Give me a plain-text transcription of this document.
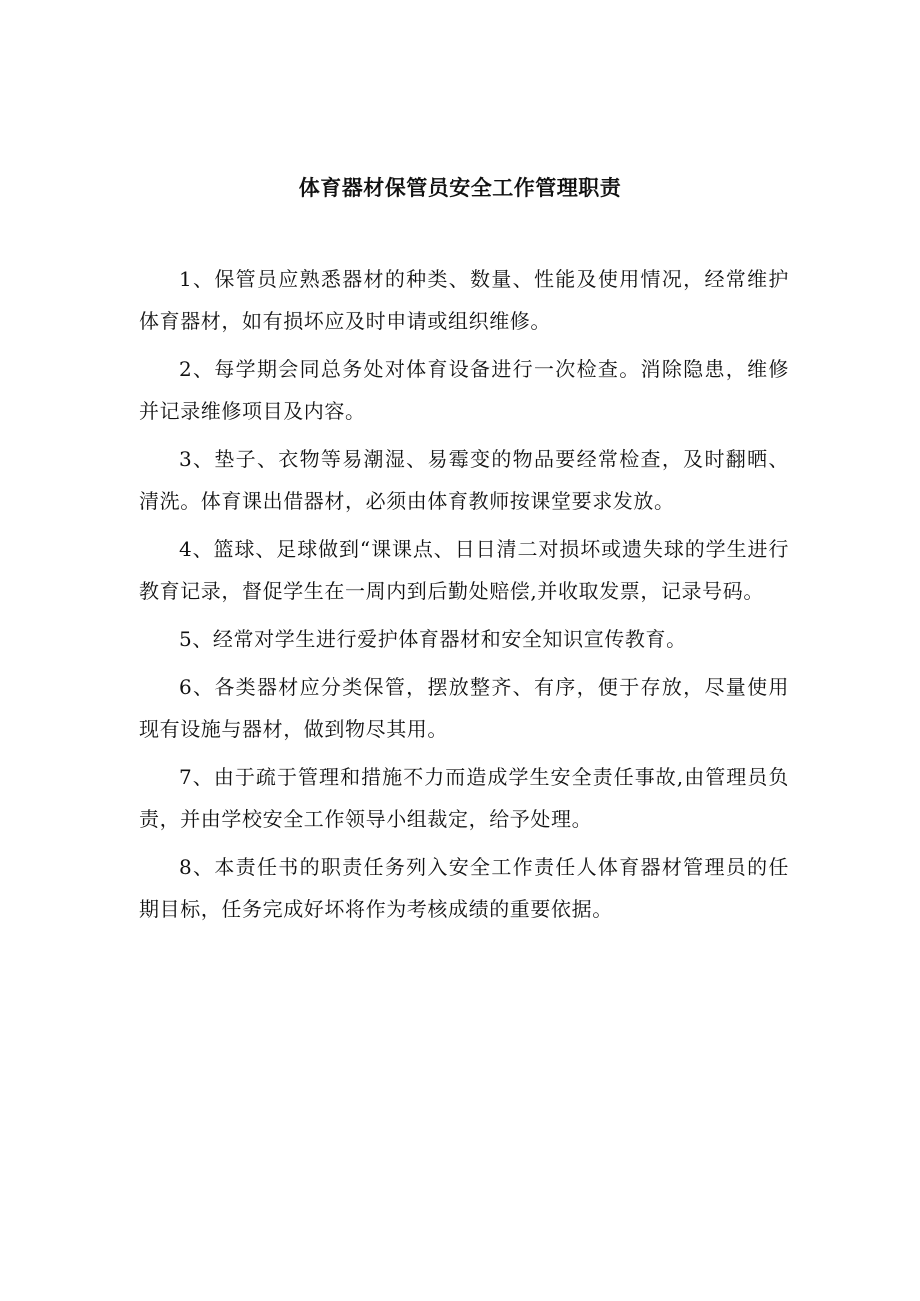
体育器材保管员安全工作管理职责

1、保管员应熟悉器材的种类、数量、性能及使用情况，经常维护体育器材，如有损坏应及时申请或组织维修。

2、每学期会同总务处对体育设备进行一次检查。消除隐患，维修并记录维修项目及内容。

3、垫子、衣物等易潮湿、易霉变的物品要经常检查，及时翻晒、清洗。体育课出借器材，必须由体育教师按课堂要求发放。

4、篮球、足球做到“课课点、日日清二对损坏或遗失球的学生进行教育记录，督促学生在一周内到后勤处赔偿,并收取发票，记录号码。

5、经常对学生进行爱护体育器材和安全知识宣传教育。

6、各类器材应分类保管，摆放整齐、有序，便于存放，尽量使用现有设施与器材，做到物尽其用。

7、由于疏于管理和措施不力而造成学生安全责任事故,由管理员负责，并由学校安全工作领导小组裁定，给予处理。

8、本责任书的职责任务列入安全工作责任人体育器材管理员的任期目标，任务完成好坏将作为考核成绩的重要依据。
